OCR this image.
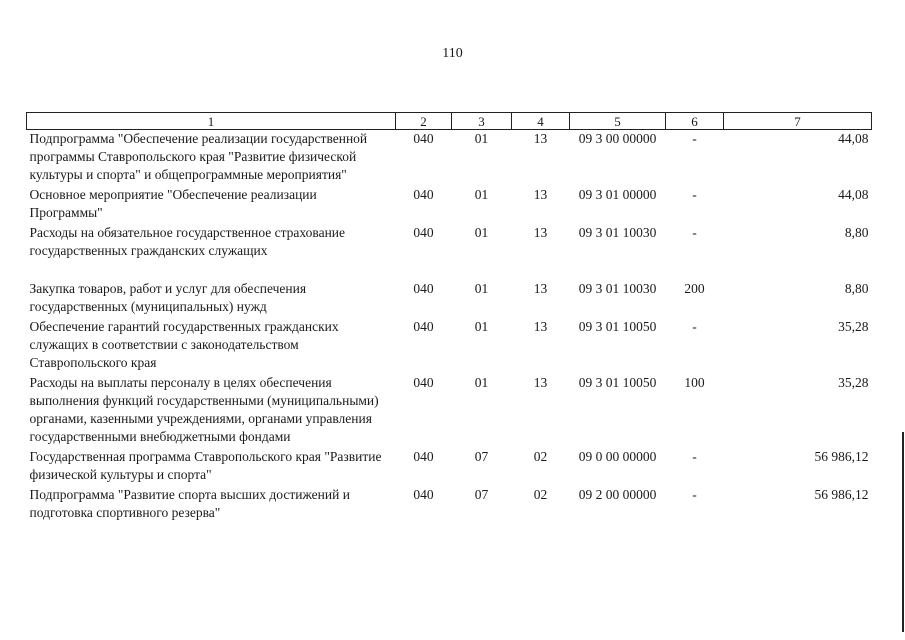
110
1	2	3	4	5	6	7
Подпрограмма "Обеспечение реализации государственной программы Ставропольского края "Развитие физической культуры и спорта" и общепрограммные мероприятия"	040	01	13	09 3 00 00000	-	44,08
Основное мероприятие "Обеспечение реализации Программы"	040	01	13	09 3 01 00000	-	44,08
Расходы на обязательное государственное страхование государственных гражданских служащих	040	01	13	09 3 01 10030	-	8,80
Закупка товаров, работ и услуг для обеспечения государственных (муниципальных) нужд	040	01	13	09 3 01 10030	200	8,80
Обеспечение гарантий государственных гражданских служащих в соответствии с законодательством Ставропольского края	040	01	13	09 3 01 10050	-	35,28
Расходы на выплаты персоналу в целях обеспечения выполнения функций государственными (муниципальными) органами, казенными учреждениями, органами управления государственными внебюджетными фондами	040	01	13	09 3 01 10050	100	35,28
Государственная программа Ставропольского края "Развитие физической культуры и спорта"	040	07	02	09 0 00 00000	-	56 986,12
Подпрограмма "Развитие спорта высших достижений и подготовка спортивного резерва"	040	07	02	09 2 00 00000	-	56 986,12
